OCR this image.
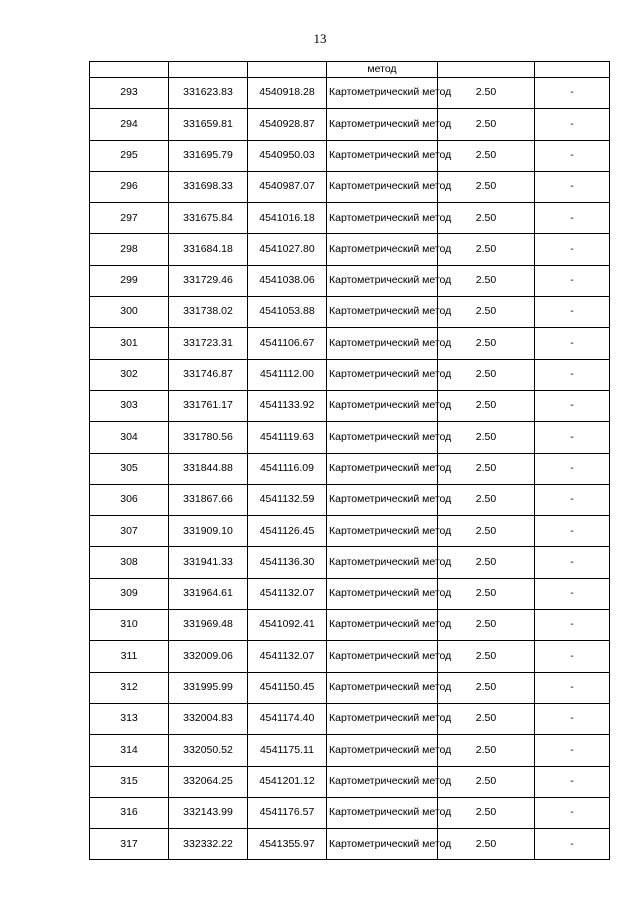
13
			метод		
293	331623.83	4540918.28	Картометрический метод	2.50	-
294	331659.81	4540928.87	Картометрический метод	2.50	-
295	331695.79	4540950.03	Картометрический метод	2.50	-
296	331698.33	4540987.07	Картометрический метод	2.50	-
297	331675.84	4541016.18	Картометрический метод	2.50	-
298	331684.18	4541027.80	Картометрический метод	2.50	-
299	331729.46	4541038.06	Картометрический метод	2.50	-
300	331738.02	4541053.88	Картометрический метод	2.50	-
301	331723.31	4541106.67	Картометрический метод	2.50	-
302	331746.87	4541112.00	Картометрический метод	2.50	-
303	331761.17	4541133.92	Картометрический метод	2.50	-
304	331780.56	4541119.63	Картометрический метод	2.50	-
305	331844.88	4541116.09	Картометрический метод	2.50	-
306	331867.66	4541132.59	Картометрический метод	2.50	-
307	331909.10	4541126.45	Картометрический метод	2.50	-
308	331941.33	4541136.30	Картометрический метод	2.50	-
309	331964.61	4541132.07	Картометрический метод	2.50	-
310	331969.48	4541092.41	Картометрический метод	2.50	-
311	332009.06	4541132.07	Картометрический метод	2.50	-
312	331995.99	4541150.45	Картометрический метод	2.50	-
313	332004.83	4541174.40	Картометрический метод	2.50	-
314	332050.52	4541175.11	Картометрический метод	2.50	-
315	332064.25	4541201.12	Картометрический метод	2.50	-
316	332143.99	4541176.57	Картометрический метод	2.50	-
317	332332.22	4541355.97	Картометрический метод	2.50	-
